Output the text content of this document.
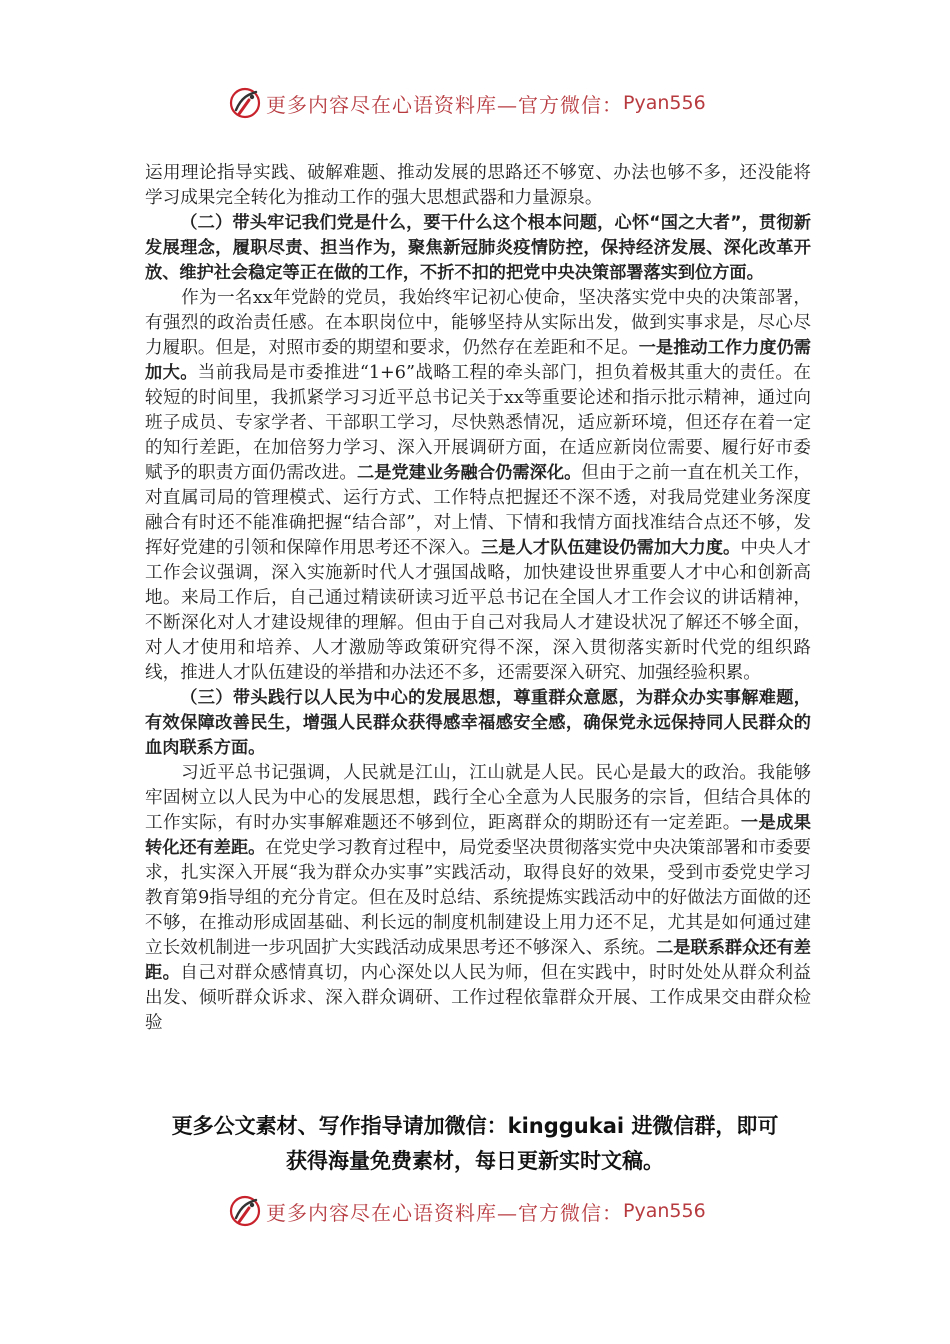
更多内容尽在心语资料库—官方微信： Pyan556

运用理论指导实践、破解难题、推动发展的思路还不够宽、办法也够不多，还没能将学习成果完全转化为推动工作的强大思想武器和力量源泉。

（二）带头牢记我们党是什么，要干什么这个根本问题，心怀“国之大者”，贯彻新发展理念，履职尽责、担当作为，聚焦新冠肺炎疫情防控，保持经济发展、深化改革开放、维护社会稳定等正在做的工作，不折不扣的把党中央决策部署落实到位方面。

作为一名xx年党龄的党员，我始终牢记初心使命，坚决落实党中央的决策部署，有强烈的政治责任感。在本职岗位中，能够坚持从实际出发，做到实事求是，尽心尽力履职。但是，对照市委的期望和要求，仍然存在差距和不足。一是推动工作力度仍需加大。当前我局是市委推进“1+6”战略工程的牵头部门，担负着极其重大的责任。在较短的时间里，我抓紧学习习近平总书记关于xx等重要论述和指示批示精神，通过向班子成员、专家学者、干部职工学习，尽快熟悉情况，适应新环境，但还存在着一定的知行差距，在加倍努力学习、深入开展调研方面，在适应新岗位需要、履行好市委赋予的职责方面仍需改进。二是党建业务融合仍需深化。但由于之前一直在机关工作，对直属司局的管理模式、运行方式、工作特点把握还不深不透，对我局党建业务深度融合有时还不能准确把握“结合部”，对上情、下情和我情方面找准结合点还不够，发挥好党建的引领和保障作用思考还不深入。三是人才队伍建设仍需加大力度。中央人才工作会议强调，深入实施新时代人才强国战略，加快建设世界重要人才中心和创新高地。来局工作后，自己通过精读研读习近平总书记在全国人才工作会议的讲话精神，不断深化对人才建设规律的理解。但由于自己对我局人才建设状况了解还不够全面，对人才使用和培养、人才激励等政策研究得不深，深入贯彻落实新时代党的组织路线，推进人才队伍建设的举措和办法还不多，还需要深入研究、加强经验积累。

（三）带头践行以人民为中心的发展思想，尊重群众意愿，为群众办实事解难题，有效保障改善民生，增强人民群众获得感幸福感安全感，确保党永远保持同人民群众的血肉联系方面。

习近平总书记强调，人民就是江山，江山就是人民。民心是最大的政治。我能够牢固树立以人民为中心的发展思想，践行全心全意为人民服务的宗旨，但结合具体的工作实际，有时办实事解难题还不够到位，距离群众的期盼还有一定差距。一是成果转化还有差距。在党史学习教育过程中，局党委坚决贯彻落实党中央决策部署和市委要求，扎实深入开展“我为群众办实事”实践活动，取得良好的效果，受到市委党史学习教育第9指导组的充分肯定。但在及时总结、系统提炼实践活动中的好做法方面做的还不够，在推动形成固基础、利长远的制度机制建设上用力还不足，尤其是如何通过建立长效机制进一步巩固扩大实践活动成果思考还不够深入、系统。二是联系群众还有差距。自己对群众感情真切，内心深处以人民为师，但在实践中，时时处处从群众利益出发、倾听群众诉求、深入群众调研、工作过程依靠群众开展、工作成果交由群众检验

更多公文素材、写作指导请加微信：kinggukai 进微信群，即可
获得海量免费素材，每日更新实时文稿。
更多内容尽在心语资料库—官方微信： Pyan556
